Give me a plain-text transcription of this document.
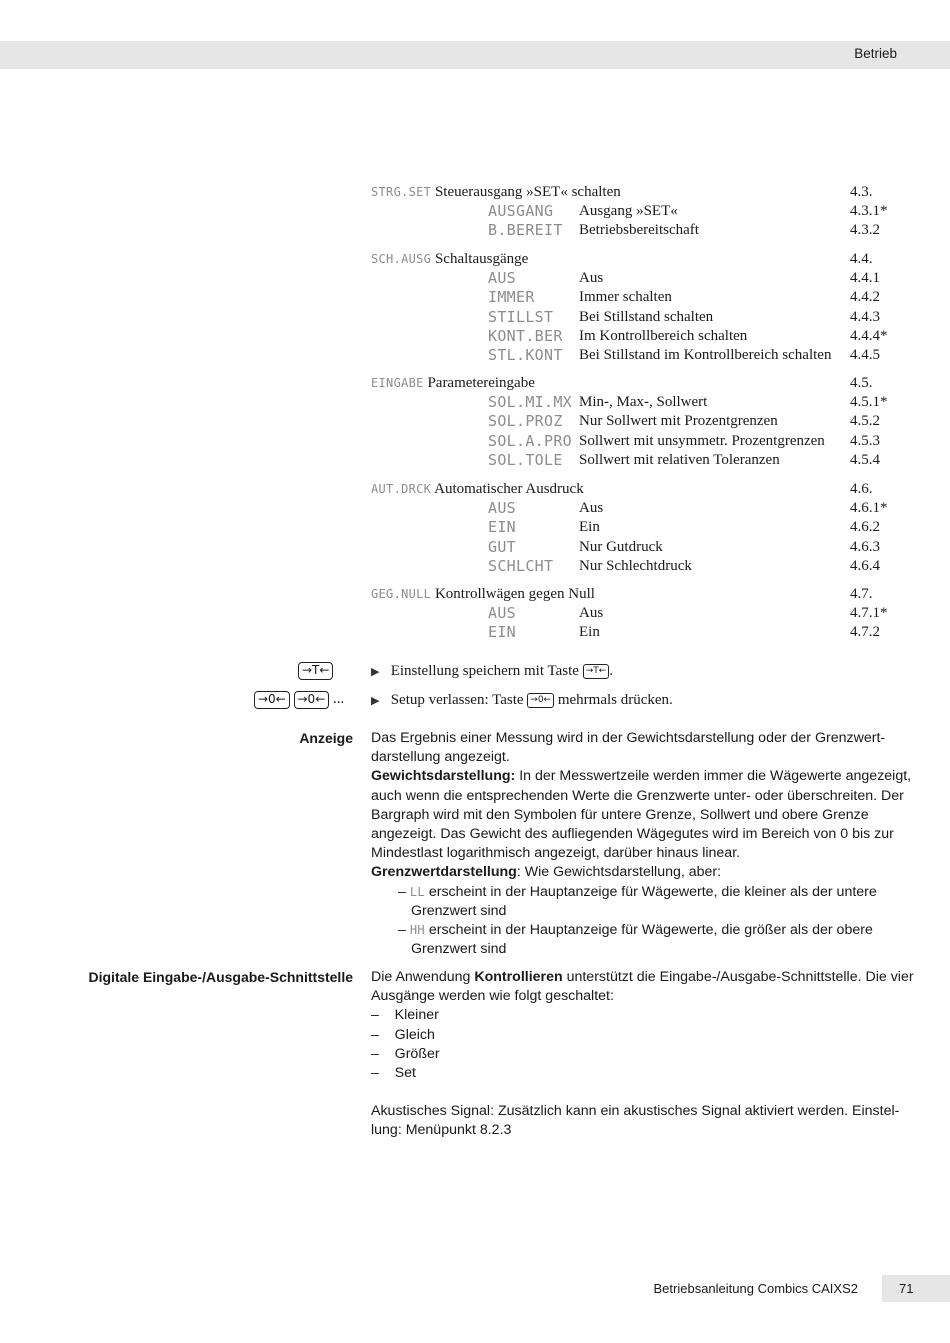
Betrieb
STRG.SET Steuerausgang »SET« schalten	4.3.
AUSGANG Ausgang »SET«	4.3.1*
B.BEREIT Betriebsbereitschaft	4.3.2
SCH.AUSG Schaltausgänge	4.4.
AUS	Aus	4.4.1
IMMER	Immer schalten	4.4.2
STILLST Bei Stillstand schalten	4.4.3
KONT.BER Im Kontrollbereich schalten	4.4.4*
STL.KONT Bei Stillstand im Kontrollbereich schalten 4.4.5
EINGABE Parametereingabe	4.5.
SOL.MI.MX Min-, Max-, Sollwert	4.5.1*
SOL.PROZ Nur Sollwert mit Prozentgrenzen	4.5.2
SOL.A.PRO Sollwert mit unsymmetr. Prozentgrenzen 4.5.3
SOL.TOLE Sollwert mit relativen Toleranzen	4.5.4
AUT.DRCK Automatischer Ausdruck	4.6.
AUS	Aus	4.6.1*
EIN	Ein	4.6.2
GUT	Nur Gutdruck	4.6.3
SCHLCHT Nur Schlechtdruck	4.6.4
GEG.NULL Kontrollwägen gegen Null	4.7.
AUS	Aus	4.7.1*
EIN	Ein	4.7.2
→T←	▶ Einstellung speichern mit Taste →T← .
→0← →0← ... ▶ Setup verlassen: Taste →0← mehrmals drücken.
Anzeige Das Ergebnis einer Messung wird in der Gewichtsdarstellung oder der Grenzwert-darstellung angezeigt.

Gewichtsdarstellung: In der Messwertzeile werden immer die Wägewerte angezeigt, auch wenn die entsprechenden Werte die Grenzwerte unter- oder überschreiten. Der Bargraph wird mit den Symbolen für untere Grenze, Sollwert und obere Grenze angezeigt. Das Gewicht des aufliegenden Wägegutes wird im Bereich von 0 bis zur Mindestlast logarithmisch angezeigt, darüber hinaus linear.

Grenzwertdarstellung: Wie Gewichtsdarstellung, aber:

– LL erscheint in der Hauptanzeige für Wägewerte, die kleiner als der untere Grenzwert sind

– HH erscheint in der Hauptanzeige für Wägewerte, die größer als der obere Grenzwert sind

Digitale Eingabe-/Ausgabe-Schnittstelle Die Anwendung Kontrollieren unterstützt die Eingabe-/Ausgabe-Schnittstelle. Die vier Ausgänge werden wie folgt geschaltet:

– Kleiner

– Gleich

– Größer

– Set

Akustisches Signal: Zusätzlich kann ein akustisches Signal aktiviert werden. Einstel-lung: Menüpunkt 8.2.3

Betriebsanleitung Combics CAIXS2	71
